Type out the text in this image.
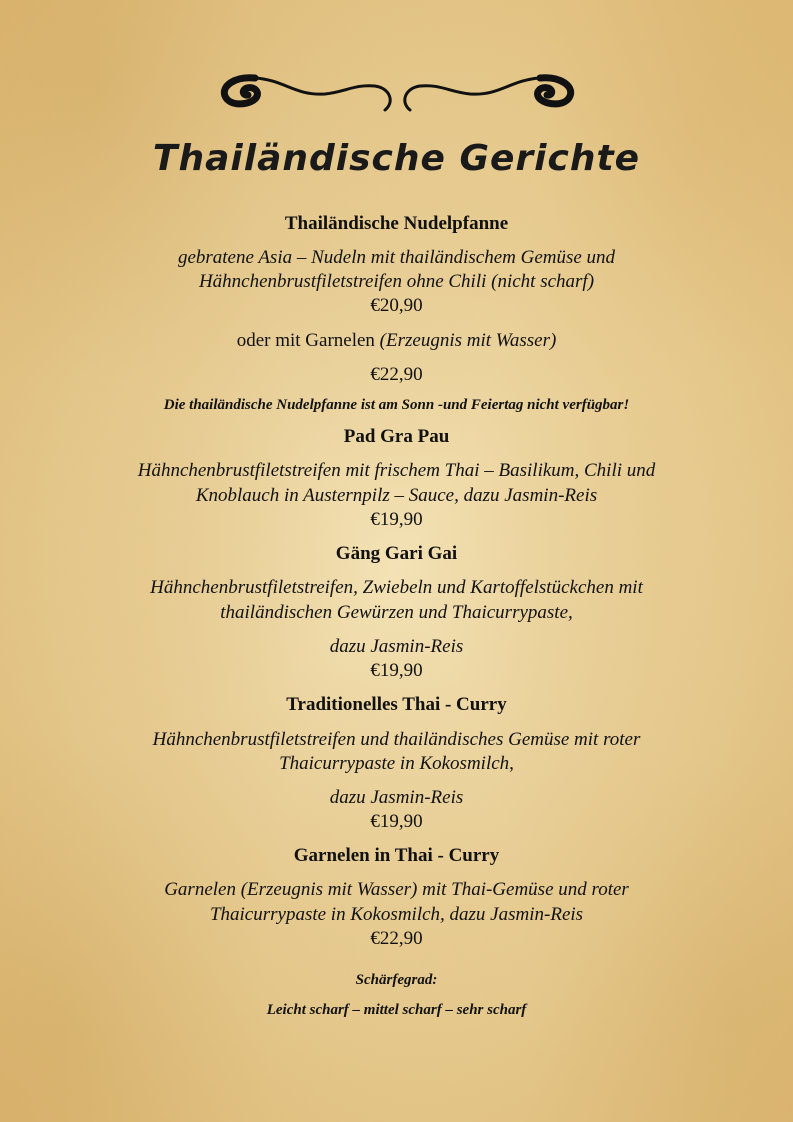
Thailändische Gerichte
Thailändische Nudelpfanne
gebratene Asia – Nudeln mit thailändischem Gemüse und
Hähnchenbrustfiletstreifen ohne Chili (nicht scharf)
€20,90
oder mit Garnelen (Erzeugnis mit Wasser)
€22,90
Die thailändische Nudelpfanne ist am Sonn -und Feiertag nicht verfügbar!
Pad Gra Pau
Hähnchenbrustfiletstreifen mit frischem Thai – Basilikum, Chili und
Knoblauch in Austernpilz – Sauce, dazu Jasmin-Reis
€19,90
Gäng Gari Gai
Hähnchenbrustfiletstreifen, Zwiebeln und Kartoffelstückchen mit
thailändischen Gewürzen und Thaicurrypaste,
dazu Jasmin-Reis
€19,90
Traditionelles Thai - Curry
Hähnchenbrustfiletstreifen und thailändisches Gemüse mit roter
Thaicurrypaste in Kokosmilch,
dazu Jasmin-Reis
€19,90
Garnelen in Thai - Curry
Garnelen (Erzeugnis mit Wasser) mit Thai-Gemüse und roter
Thaicurrypaste in Kokosmilch, dazu Jasmin-Reis
€22,90
Schärfegrad:
Leicht scharf – mittel scharf – sehr scharf
